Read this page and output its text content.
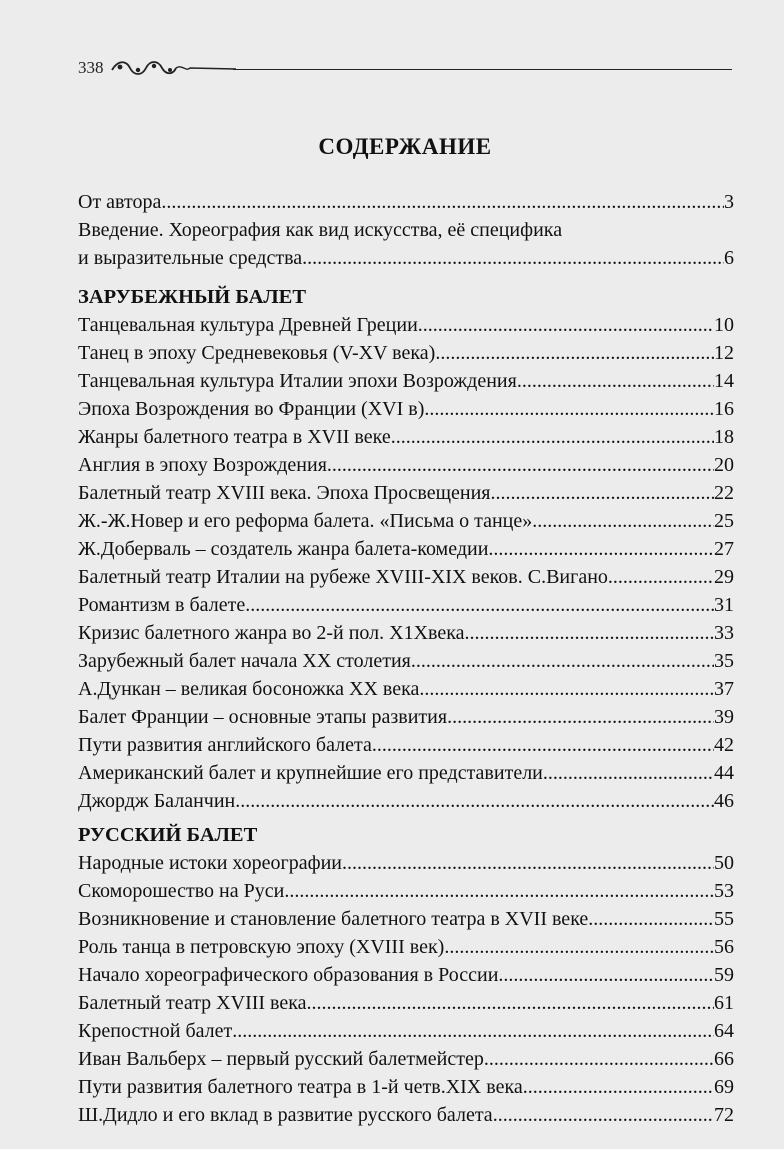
338
СОДЕРЖАНИЕ
От автора .....	3
Введение. Хореография как вид искусства, её специфика
и выразительные средства .....	6
ЗАРУБЕЖНЫЙ БАЛЕТ
Танцевальная культура Древней Греции .....	10
Танец в эпоху Средневековья (V-XV века) .....	12
Танцевальная культура Италии эпохи Возрождения .....	14
Эпоха Возрождения во Франции (XVI в) .....	16
Жанры балетного театра в XVII веке .....	18
Англия в эпоху Возрождения .....	20
Балетный театр XVIII века. Эпоха Просвещения .....	22
Ж.-Ж.Новер и его реформа балета. «Письма о танце» .....	25
Ж.Доберваль – создатель жанра балета-комедии .....	27
Балетный театр Италии на рубеже XVIII-XIX веков. С.Вигано .....	29
Романтизм в балете .....	31
Кризис балетного жанра во 2-й пол. Х1Хвека .....	33
Зарубежный балет начала XX столетия .....	35
А.Дункан – великая босоножка XX века .....	37
Балет Франции – основные этапы развития .....	39
Пути развития английского балета .....	42
Американский балет и крупнейшие его представители .....	44
Джордж Баланчин .....	46
РУССКИЙ БАЛЕТ
Народные истоки хореографии .....	50
Скоморошество на Руси .....	53
Возникновение и становление балетного театра в XVII веке .....	55
Роль танца в петровскую эпоху (XVIII век) .....	56
Начало хореографического образования в России .....	59
Балетный театр XVIII века .....	61
Крепостной балет .....	64
Иван Вальберх – первый русский балетмейстер .....	66
Пути развития балетного театра в 1-й четв.XIX века .....	69
Ш.Дидло и его вклад в развитие русского балета .....	72
